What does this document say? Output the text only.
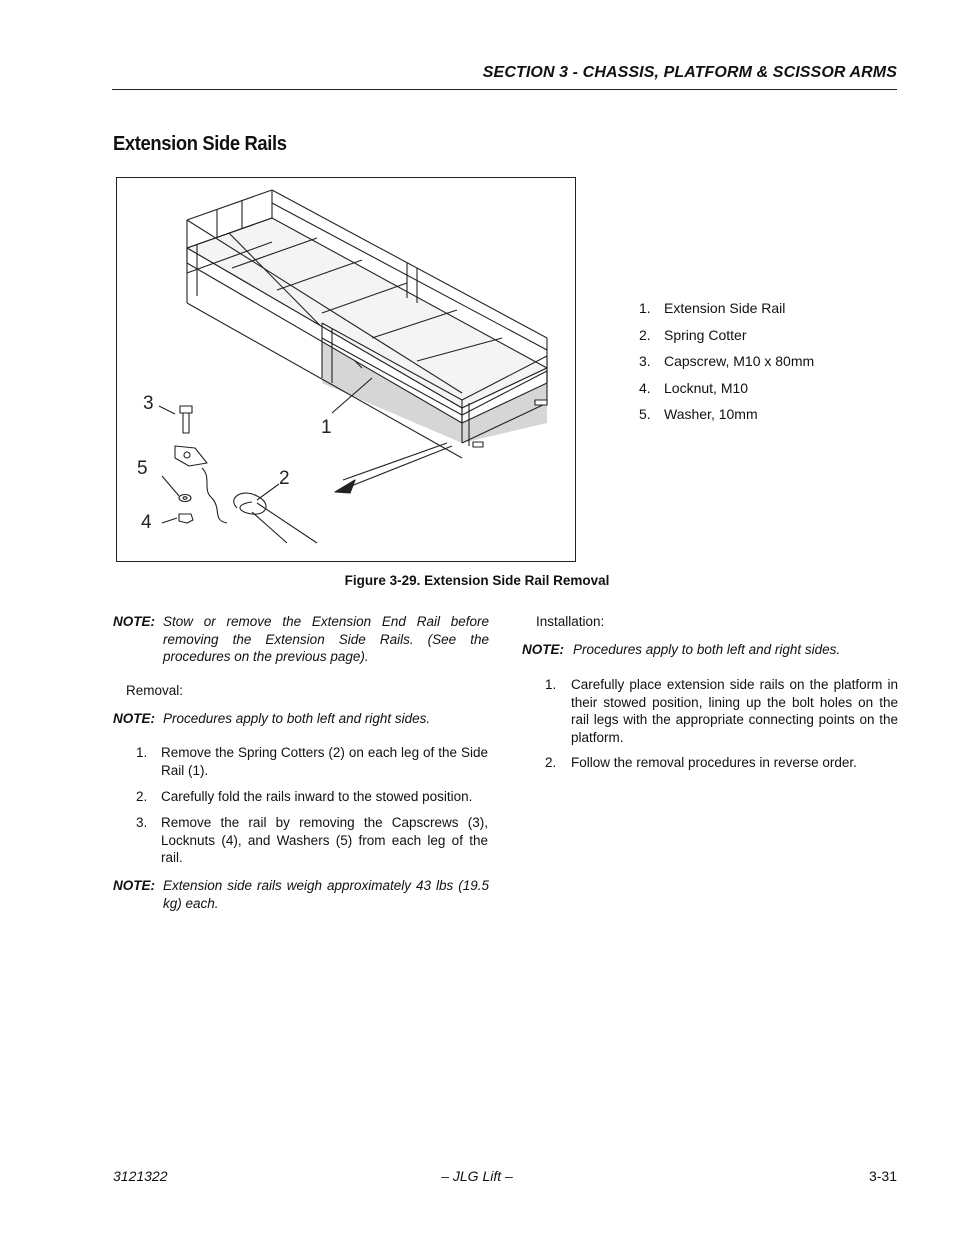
SECTION 3 - CHASSIS, PLATFORM & SCISSOR ARMS
Extension Side Rails
3
1
5	2
4
1. Extension Side Rail
2. Spring Cotter
3. Capscrew, M10 x 80mm
4. Locknut, M10
5. Washer, 10mm
Figure 3-29. Extension Side Rail Removal
NOTE: Stow or remove the Extension End Rail before removing the Extension Side Rails. (See the procedures on the previous page).
Removal:
NOTE: Procedures apply to both left and right sides.
1. Remove the Spring Cotters (2) on each leg of the Side Rail (1).
2. Carefully fold the rails inward to the stowed position.
3. Remove the rail by removing the Capscrews (3), Locknuts (4), and Washers (5) from each leg of the rail.
NOTE: Extension side rails weigh approximately 43 lbs (19.5 kg) each.
Installation:
NOTE: Procedures apply to both left and right sides.
1. Carefully place extension side rails on the platform in their stowed position, lining up the bolt holes on the rail legs with the appropriate connecting points on the platform.
2. Follow the removal procedures in reverse order.
3121322	– JLG Lift –	3-31
